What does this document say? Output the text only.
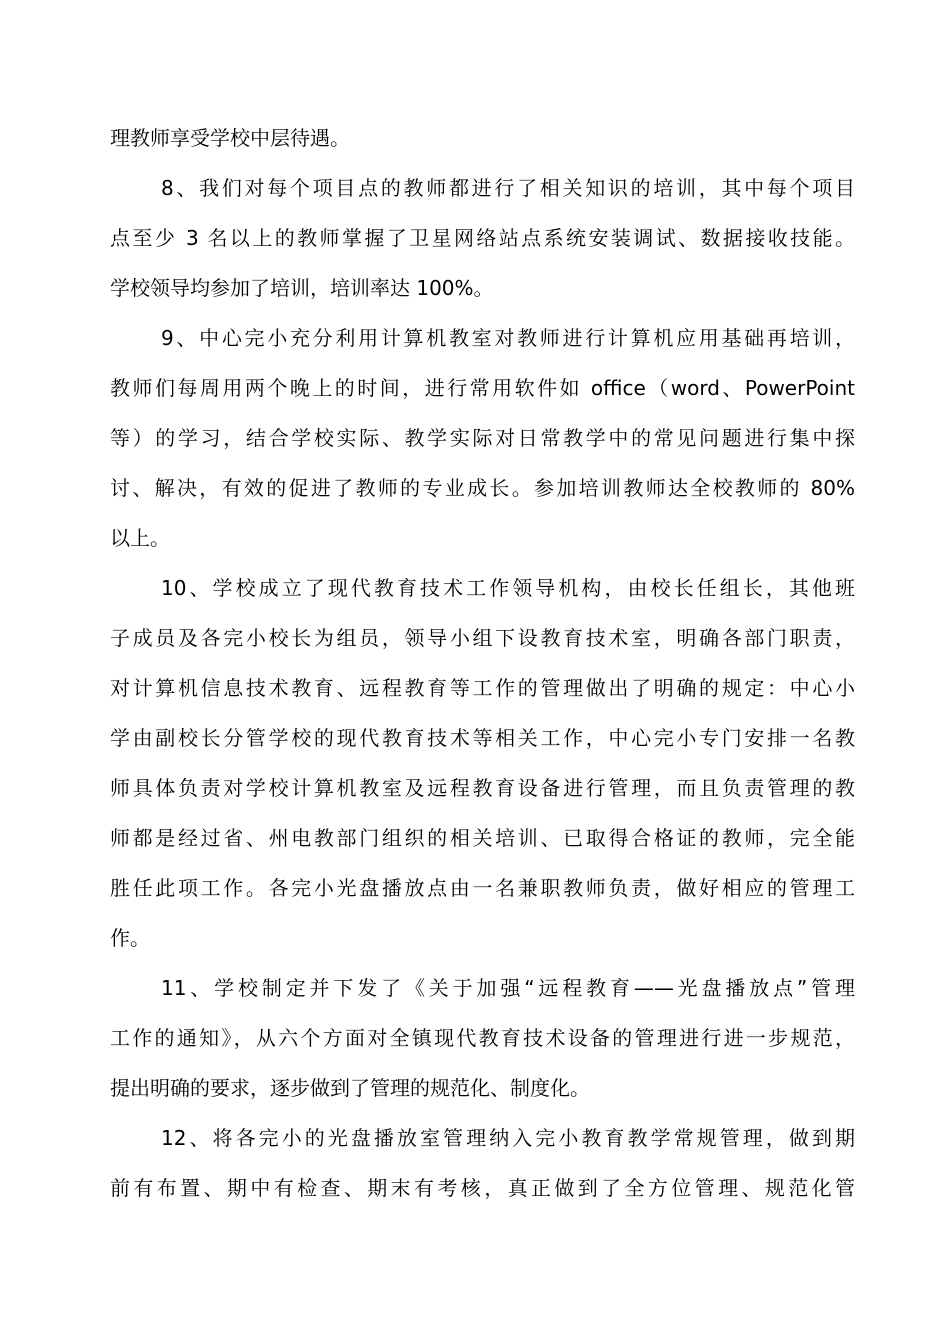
理教师享受学校中层待遇。
8、我们对每个项目点的教师都进行了相关知识的培训，其中每个项目
点至少 3 名以上的教师掌握了卫星网络站点系统安装调试、数据接收技能。
学校领导均参加了培训，培训率达 100%。
9、中心完小充分利用计算机教室对教师进行计算机应用基础再培训，
教师们每周用两个晚上的时间，进行常用软件如 office（word、PowerPoint
等）的学习，结合学校实际、教学实际对日常教学中的常见问题进行集中探
讨、解决，有效的促进了教师的专业成长。参加培训教师达全校教师的 80%
以上。
10、学校成立了现代教育技术工作领导机构，由校长任组长，其他班
子成员及各完小校长为组员，领导小组下设教育技术室，明确各部门职责，
对计算机信息技术教育、远程教育等工作的管理做出了明确的规定：中心小
学由副校长分管学校的现代教育技术等相关工作，中心完小专门安排一名教
师具体负责对学校计算机教室及远程教育设备进行管理，而且负责管理的教
师都是经过省、州电教部门组织的相关培训、已取得合格证的教师，完全能
胜任此项工作。各完小光盘播放点由一名兼职教师负责，做好相应的管理工
作。
11、学校制定并下发了《关于加强“远程教育——光盘播放点”管理
工作的通知》，从六个方面对全镇现代教育技术设备的管理进行进一步规范，
提出明确的要求，逐步做到了管理的规范化、制度化。
12、将各完小的光盘播放室管理纳入完小教育教学常规管理，做到期
前有布置、期中有检查、期末有考核，真正做到了全方位管理、规范化管
